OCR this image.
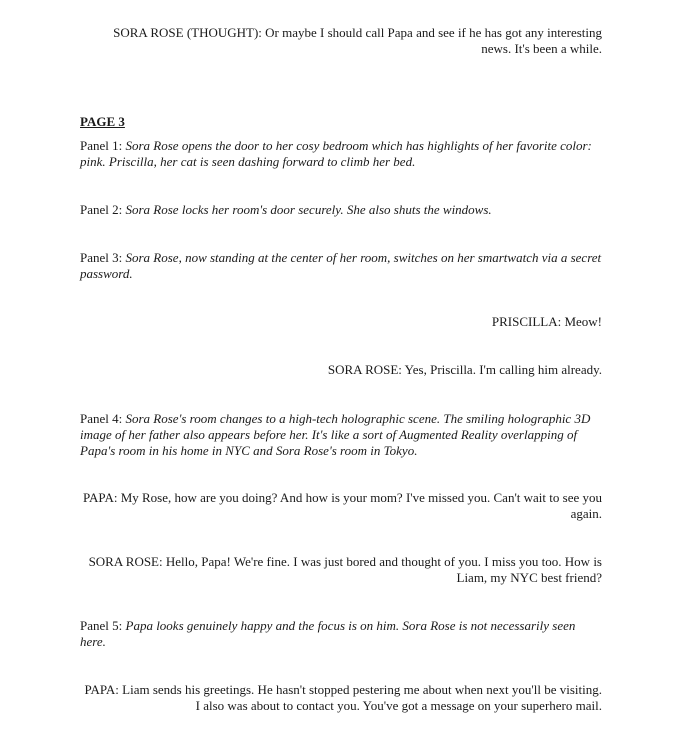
SORA ROSE (THOUGHT): Or maybe I should call Papa and see if he has got any interesting news. It's been a while.
PAGE 3
Panel 1: Sora Rose opens the door to her cosy bedroom which has highlights of her favorite color: pink. Priscilla, her cat is seen dashing forward to climb her bed.
Panel 2: Sora Rose locks her room's door securely. She also shuts the windows.
Panel 3: Sora Rose, now standing at the center of her room, switches on her smartwatch via a secret password.
PRISCILLA: Meow!
SORA ROSE: Yes, Priscilla. I'm calling him already.
Panel 4: Sora Rose's room changes to a high-tech holographic scene. The smiling holographic 3D image of her father also appears before her. It's like a sort of Augmented Reality overlapping of Papa's room in his home in NYC and Sora Rose's room in Tokyo.
PAPA: My Rose, how are you doing? And how is your mom? I've missed you. Can't wait to see you again.
SORA ROSE: Hello, Papa! We're fine. I was just bored and thought of you. I miss you too. How is Liam, my NYC best friend?
Panel 5: Papa looks genuinely happy and the focus is on him. Sora Rose is not necessarily seen here.
PAPA: Liam sends his greetings. He hasn't stopped pestering me about when next you'll be visiting. I also was about to contact you. You've got a message on your superhero mail.
